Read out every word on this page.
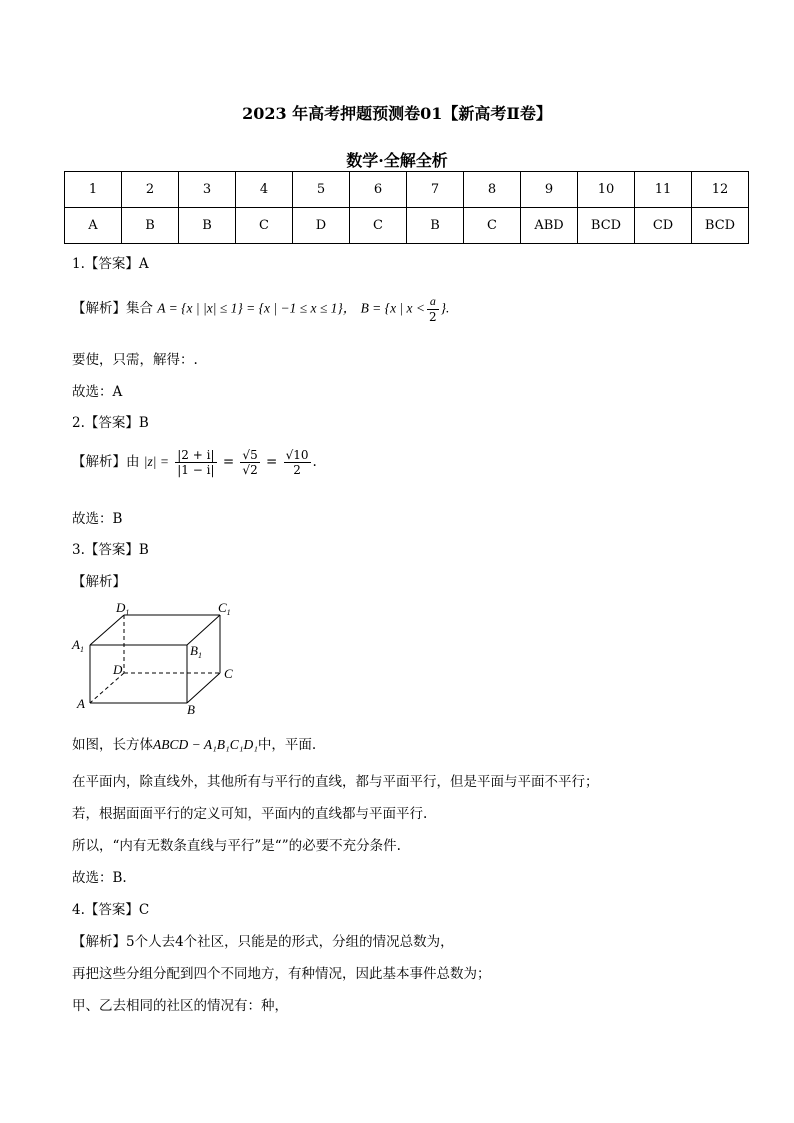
2023 年高考押题预测卷01【新高考Ⅱ卷】
数学·全解全析
1	2	3	4	5	6	7	8	9	10	11	12
A	B	B	C	D	C	B	C	ABD	BCD	CD	BCD
1.【答案】A
【解析】集合 A = {x | |x| ≤ 1} = {x | −1 ≤ x ≤ 1}， B = {x | $x < \frac{a}{2}$ }.
要使，只需，解得：.
故选：A
2.【答案】B
【解析】由 $|z| = \frac{|2 + i|}{|1 - i|} = \frac{√5}{√2} = \frac{√10}{2}$ .
故选：B
3.【答案】B
【解析】
$D_1$	$C_1$
$A_1$	$B_1$
D	C
A	B
如图，长方体ABCD − A₁B₁C₁D₁中，平面.
在平面内，除直线外，其他所有与平行的直线，都与平面平行，但是平面与平面不平行；
若，根据面面平行的定义可知，平面内的直线都与平面平行.
所以，“内有无数条直线与平行”是“”的必要不充分条件.
故选：B.
4.【答案】C
【解析】5个人去4个社区，只能是的形式，分组的情况总数为，
再把这些分组分配到四个不同地方，有种情况，因此基本事件总数为；
甲、乙去相同的社区的情况有：种，
